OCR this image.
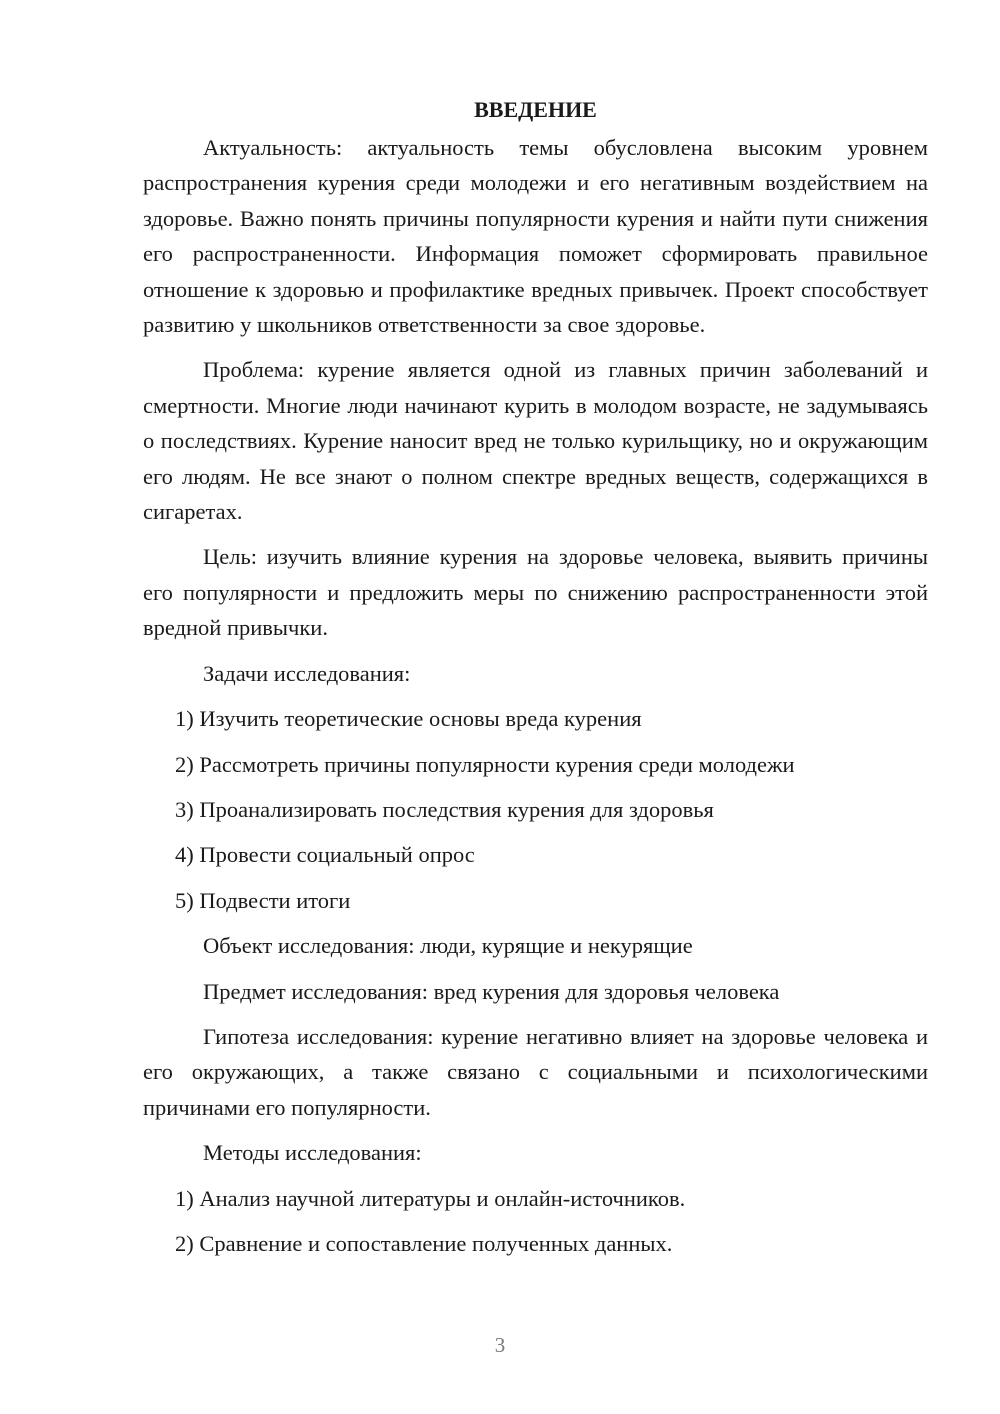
ВВЕДЕНИЕ

Актуальность: актуальность темы обусловлена высоким уровнем распространения курения среди молодежи и его негативным воздействием на здоровье. Важно понять причины популярности курения и найти пути снижения его распространенности. Информация поможет сформировать правильное отношение к здоровью и профилактике вредных привычек. Проект способствует развитию у школьников ответственности за свое здоровье.

Проблема: курение является одной из главных причин заболеваний и смертности. Многие люди начинают курить в молодом возрасте, не задумываясь о последствиях. Курение наносит вред не только курильщику, но и окружающим его людям. Не все знают о полном спектре вредных веществ, содержащихся в сигаретах.

Цель: изучить влияние курения на здоровье человека, выявить причины его популярности и предложить меры по снижению распространенности этой вредной привычки.

Задачи исследования:

1) Изучить теоретические основы вреда курения

2) Рассмотреть причины популярности курения среди молодежи

3) Проанализировать последствия курения для здоровья

4) Провести социальный опрос

5) Подвести итоги

Объект исследования: люди, курящие и некурящие

Предмет исследования: вред курения для здоровья человека

Гипотеза исследования: курение негативно влияет на здоровье человека и его окружающих, а также связано с социальными и психологическими причинами его популярности.

Методы исследования:

1) Анализ научной литературы и онлайн-источников.

2) Сравнение и сопоставление полученных данных.

3
